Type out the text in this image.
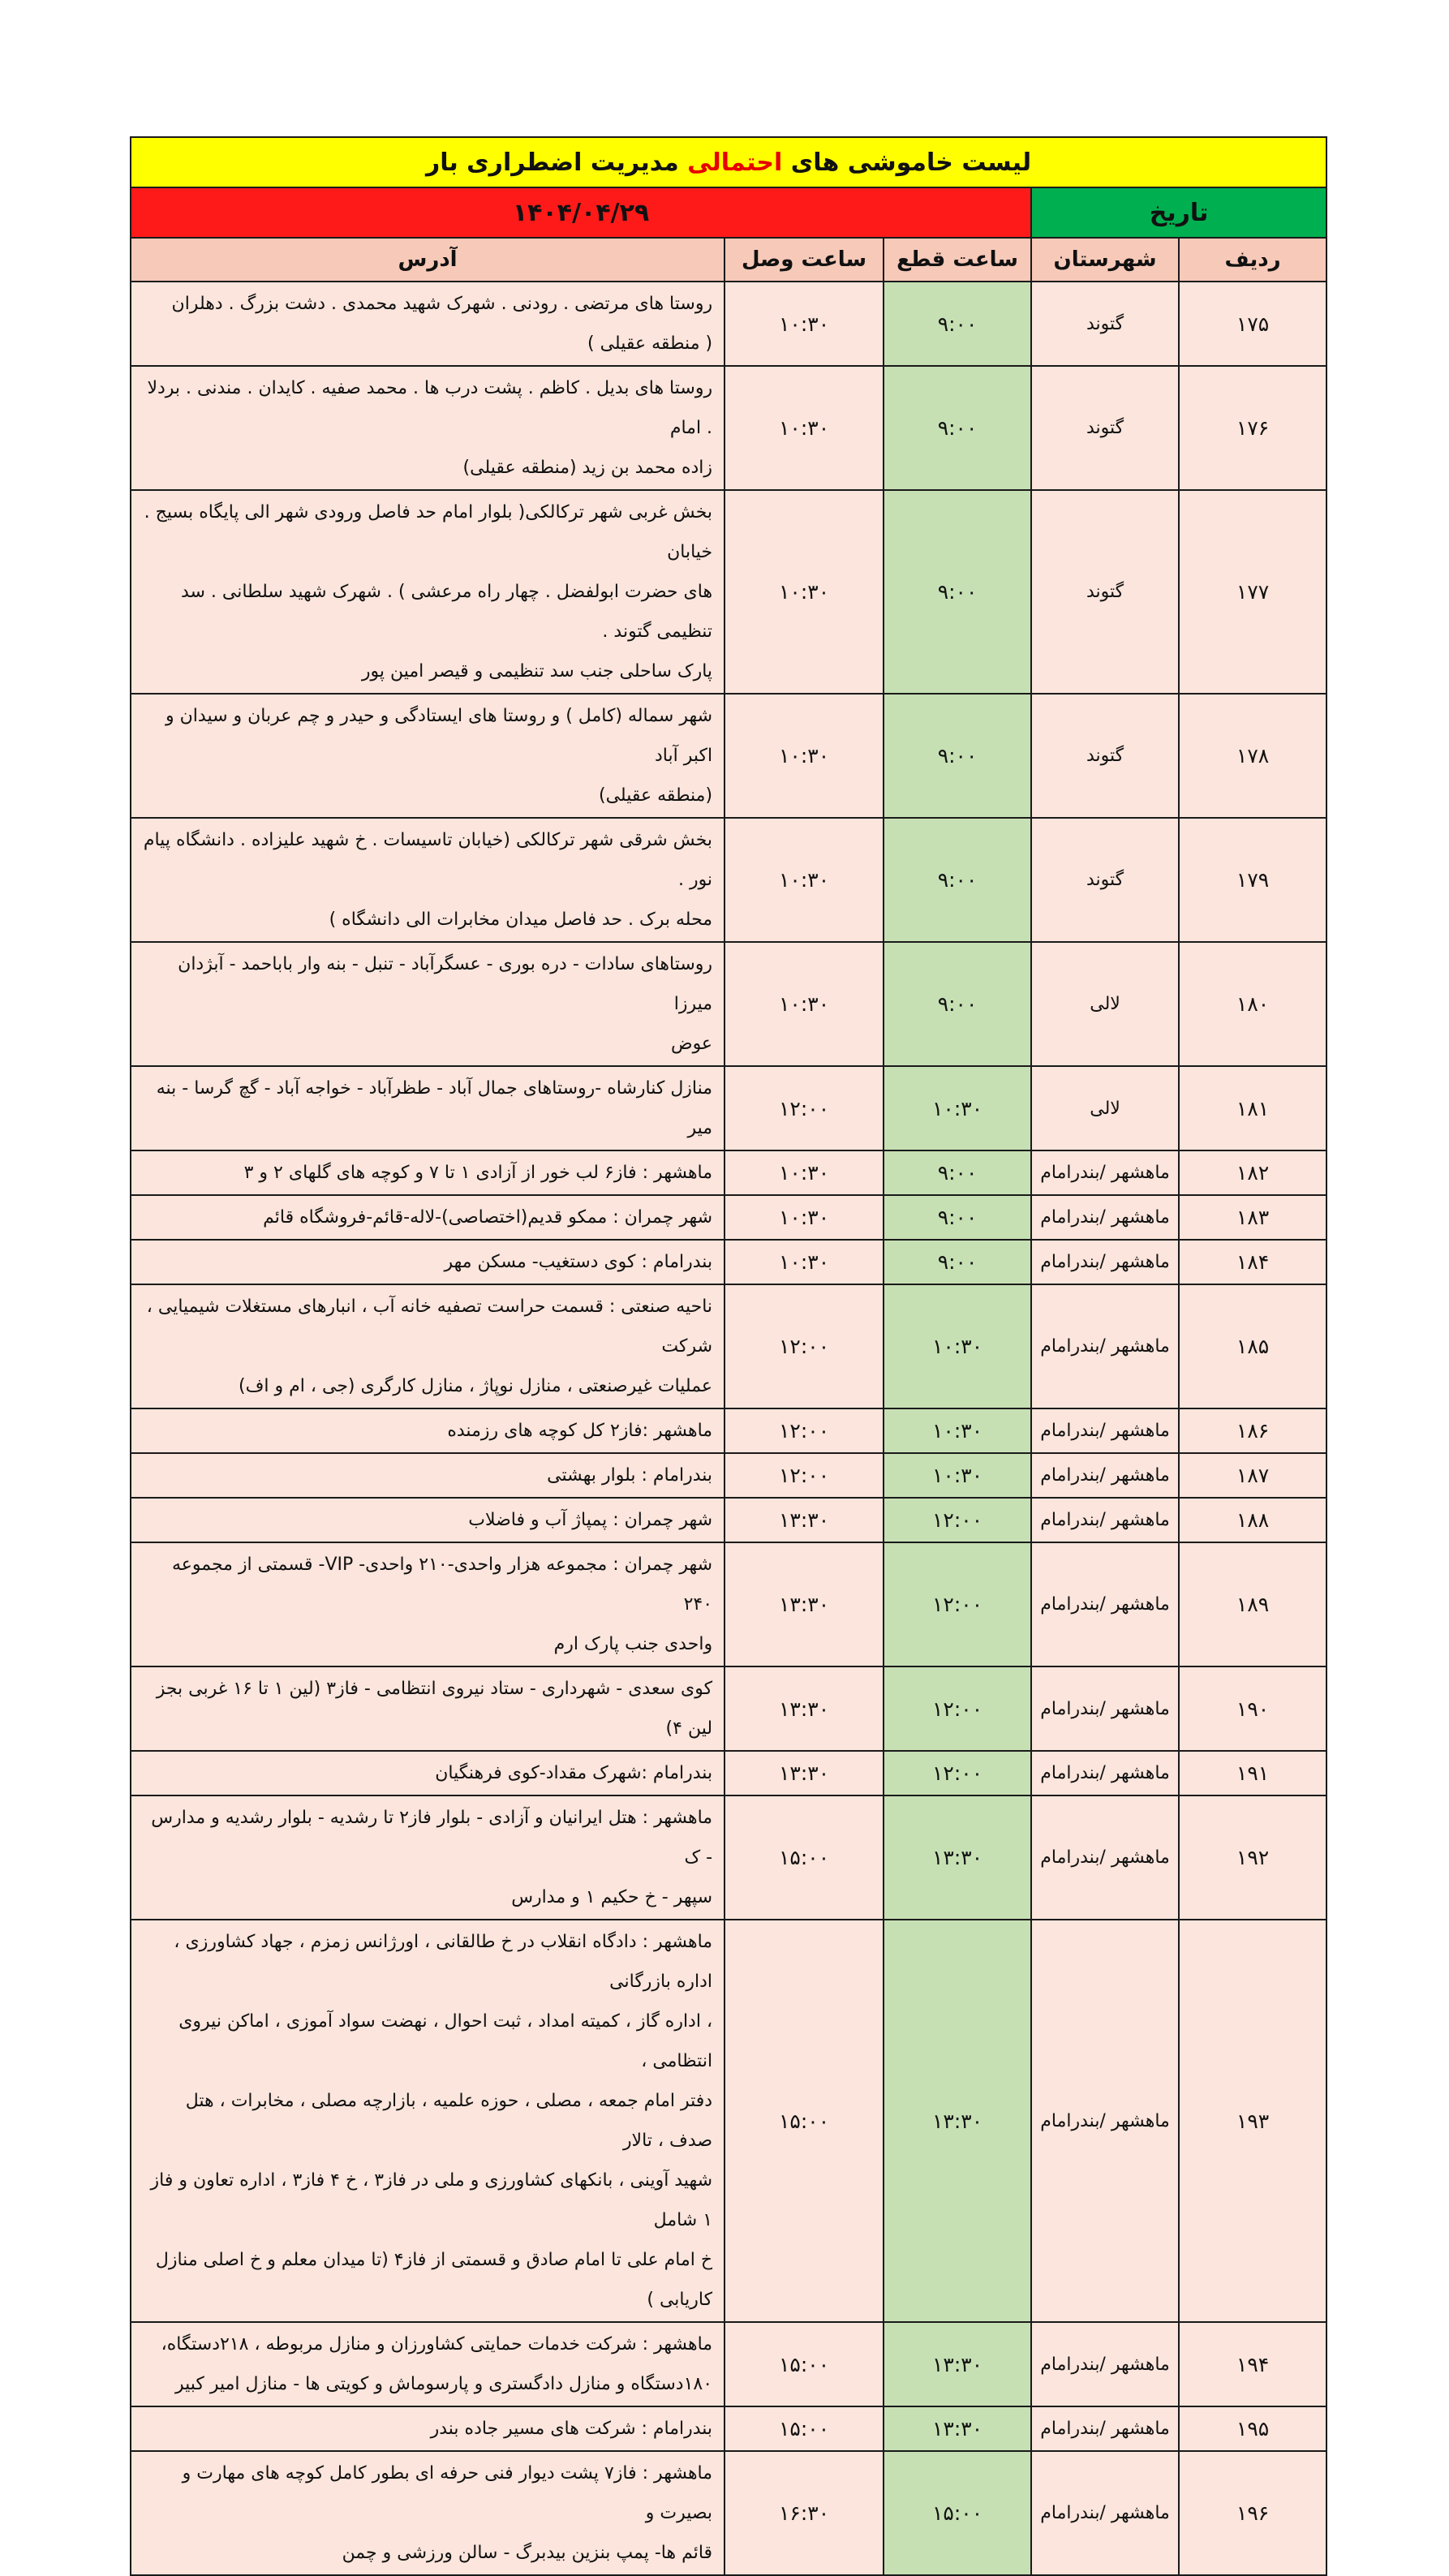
لیست خاموشی های احتمالی مدیریت اضطراری بار				
تاریخ		۱۴۰۴/۰۴/۲۹		
ردیف	شهرستان	ساعت قطع	ساعت وصل	آدرس
۱۷۵	گتوند	۹:۰۰	۱۰:۳۰	روستا های مرتضی . رودنی . شهرک شهید محمدی . دشت بزرگ . دهلران
( منطقه عقیلی )
۱۷۶	گتوند	۹:۰۰	۱۰:۳۰	روستا های بدیل . کاظم . پشت درب ها . محمد صفیه . کایدان . مندنی . بردلا . امام
زاده محمد بن زید (منطقه عقیلی)
۱۷۷	گتوند	۹:۰۰	۱۰:۳۰	بخش غربی شهر ترکالکی( بلوار امام حد فاصل ورودی شهر الی پایگاه بسیج . خیابان
های حضرت ابولفضل . چهار راه مرعشی ) . شهرک شهید سلطانی . سد تنظیمی گتوند .
پارک ساحلی جنب سد تنظیمی و قیصر امین پور
۱۷۸	گتوند	۹:۰۰	۱۰:۳۰	شهر سماله (کامل ) و روستا های ایستادگی و حیدر و چم عربان و سیدان و اکبر آباد
(منطقه عقیلی)
۱۷۹	گتوند	۹:۰۰	۱۰:۳۰	بخش شرقی شهر ترکالکی (خیابان تاسیسات . خ شهید علیزاده . دانشگاه پیام نور .
محله برک . حد فاصل میدان مخابرات الی دانشگاه )
۱۸۰	لالی	۹:۰۰	۱۰:۳۰	روستاهای سادات - دره بوری - عسگرآباد - تنبل - بنه وار باباحمد - آبژدان میرزا
عوض
۱۸۱	لالی	۱۰:۳۰	۱۲:۰۰	منازل کنارشاه -روستاهای جمال آباد - طظرآباد - خواجه آباد - گچ گرسا - بنه میر
۱۸۲	ماهشهر /بندرامام	۹:۰۰	۱۰:۳۰	ماهشهر : فاز۶ لب خور از آزادی ۱ تا ۷ و کوچه های گلهای ۲ و ۳
۱۸۳	ماهشهر /بندرامام	۹:۰۰	۱۰:۳۰	شهر چمران : ممکو قدیم(اختصاصی)-لاله-قائم-فروشگاه قائم
۱۸۴	ماهشهر /بندرامام	۹:۰۰	۱۰:۳۰	بندرامام : کوی دستغیب- مسکن مهر
۱۸۵	ماهشهر /بندرامام	۱۰:۳۰	۱۲:۰۰	ناحیه صنعتی : قسمت حراست تصفیه خانه آب ، انبارهای مستغلات شیمیایی ، شرکت
عملیات غیرصنعتی ، منازل نوپاژ ، منازل کارگری (جی ، ام و اف)
۱۸۶	ماهشهر /بندرامام	۱۰:۳۰	۱۲:۰۰	ماهشهر :فاز۲ کل کوچه های رزمنده
۱۸۷	ماهشهر /بندرامام	۱۰:۳۰	۱۲:۰۰	بندرامام : بلوار بهشتی
۱۸۸	ماهشهر /بندرامام	۱۲:۰۰	۱۳:۳۰	شهر چمران : پمپاژ آب و فاضلاب
۱۸۹	ماهشهر /بندرامام	۱۲:۰۰	۱۳:۳۰	شهر چمران : مجموعه هزار واحدی-۲۱۰ واحدی- VIP- قسمتی از مجموعه ۲۴۰
واحدی جنب پارک ارم
۱۹۰	ماهشهر /بندرامام	۱۲:۰۰	۱۳:۳۰	کوی سعدی - شهرداری - ستاد نیروی انتظامی - فاز۳ (لین ۱ تا ۱۶ غربی بجز لین ۴)
۱۹۱	ماهشهر /بندرامام	۱۲:۰۰	۱۳:۳۰	بندرامام :شهرک مقداد-کوی فرهنگیان
۱۹۲	ماهشهر /بندرامام	۱۳:۳۰	۱۵:۰۰	ماهشهر : هتل ایرانیان و آزادی - بلوار فاز۲ تا رشدیه - بلوار رشدیه و مدارس - ک
سپهر - خ حکیم ۱ و مدارس
۱۹۳	ماهشهر /بندرامام	۱۳:۳۰	۱۵:۰۰	ماهشهر : دادگاه انقلاب در خ طالقانی ، اورژانس زمزم ، جهاد کشاورزی ، اداره بازرگانی
، اداره گاز ، کمیته امداد ، ثبت احوال ، نهضت سواد آموزی ، اماکن نیروی انتظامی ،
دفتر امام جمعه ، مصلی ، حوزه علمیه ، بازارچه مصلی ، مخابرات ، هتل صدف ، تالار
شهید آوینی ، بانکهای کشاورزی و ملی در فاز۳ ، خ ۴ فاز۳ ، اداره تعاون و فاز ۱ شامل
خ امام علی تا امام صادق و قسمتی از فاز۴ (تا میدان معلم و خ اصلی منازل کاریابی )
۱۹۴	ماهشهر /بندرامام	۱۳:۳۰	۱۵:۰۰	ماهشهر : شرکت خدمات حمایتی کشاورزان و منازل مربوطه ، ۲۱۸دستگاه،
۱۸۰دستگاه و منازل دادگستری و پارسوماش و کویتی ها - منازل امیر کبیر
۱۹۵	ماهشهر /بندرامام	۱۳:۳۰	۱۵:۰۰	بندرامام : شرکت های مسیر جاده بندر
۱۹۶	ماهشهر /بندرامام	۱۵:۰۰	۱۶:۳۰	ماهشهر : فاز۷ پشت دیوار فنی حرفه ای بطور کامل کوچه های مهارت و بصیرت و
قائم ها- پمپ بنزین بیدبرگ - سالن ورزشی و چمن
